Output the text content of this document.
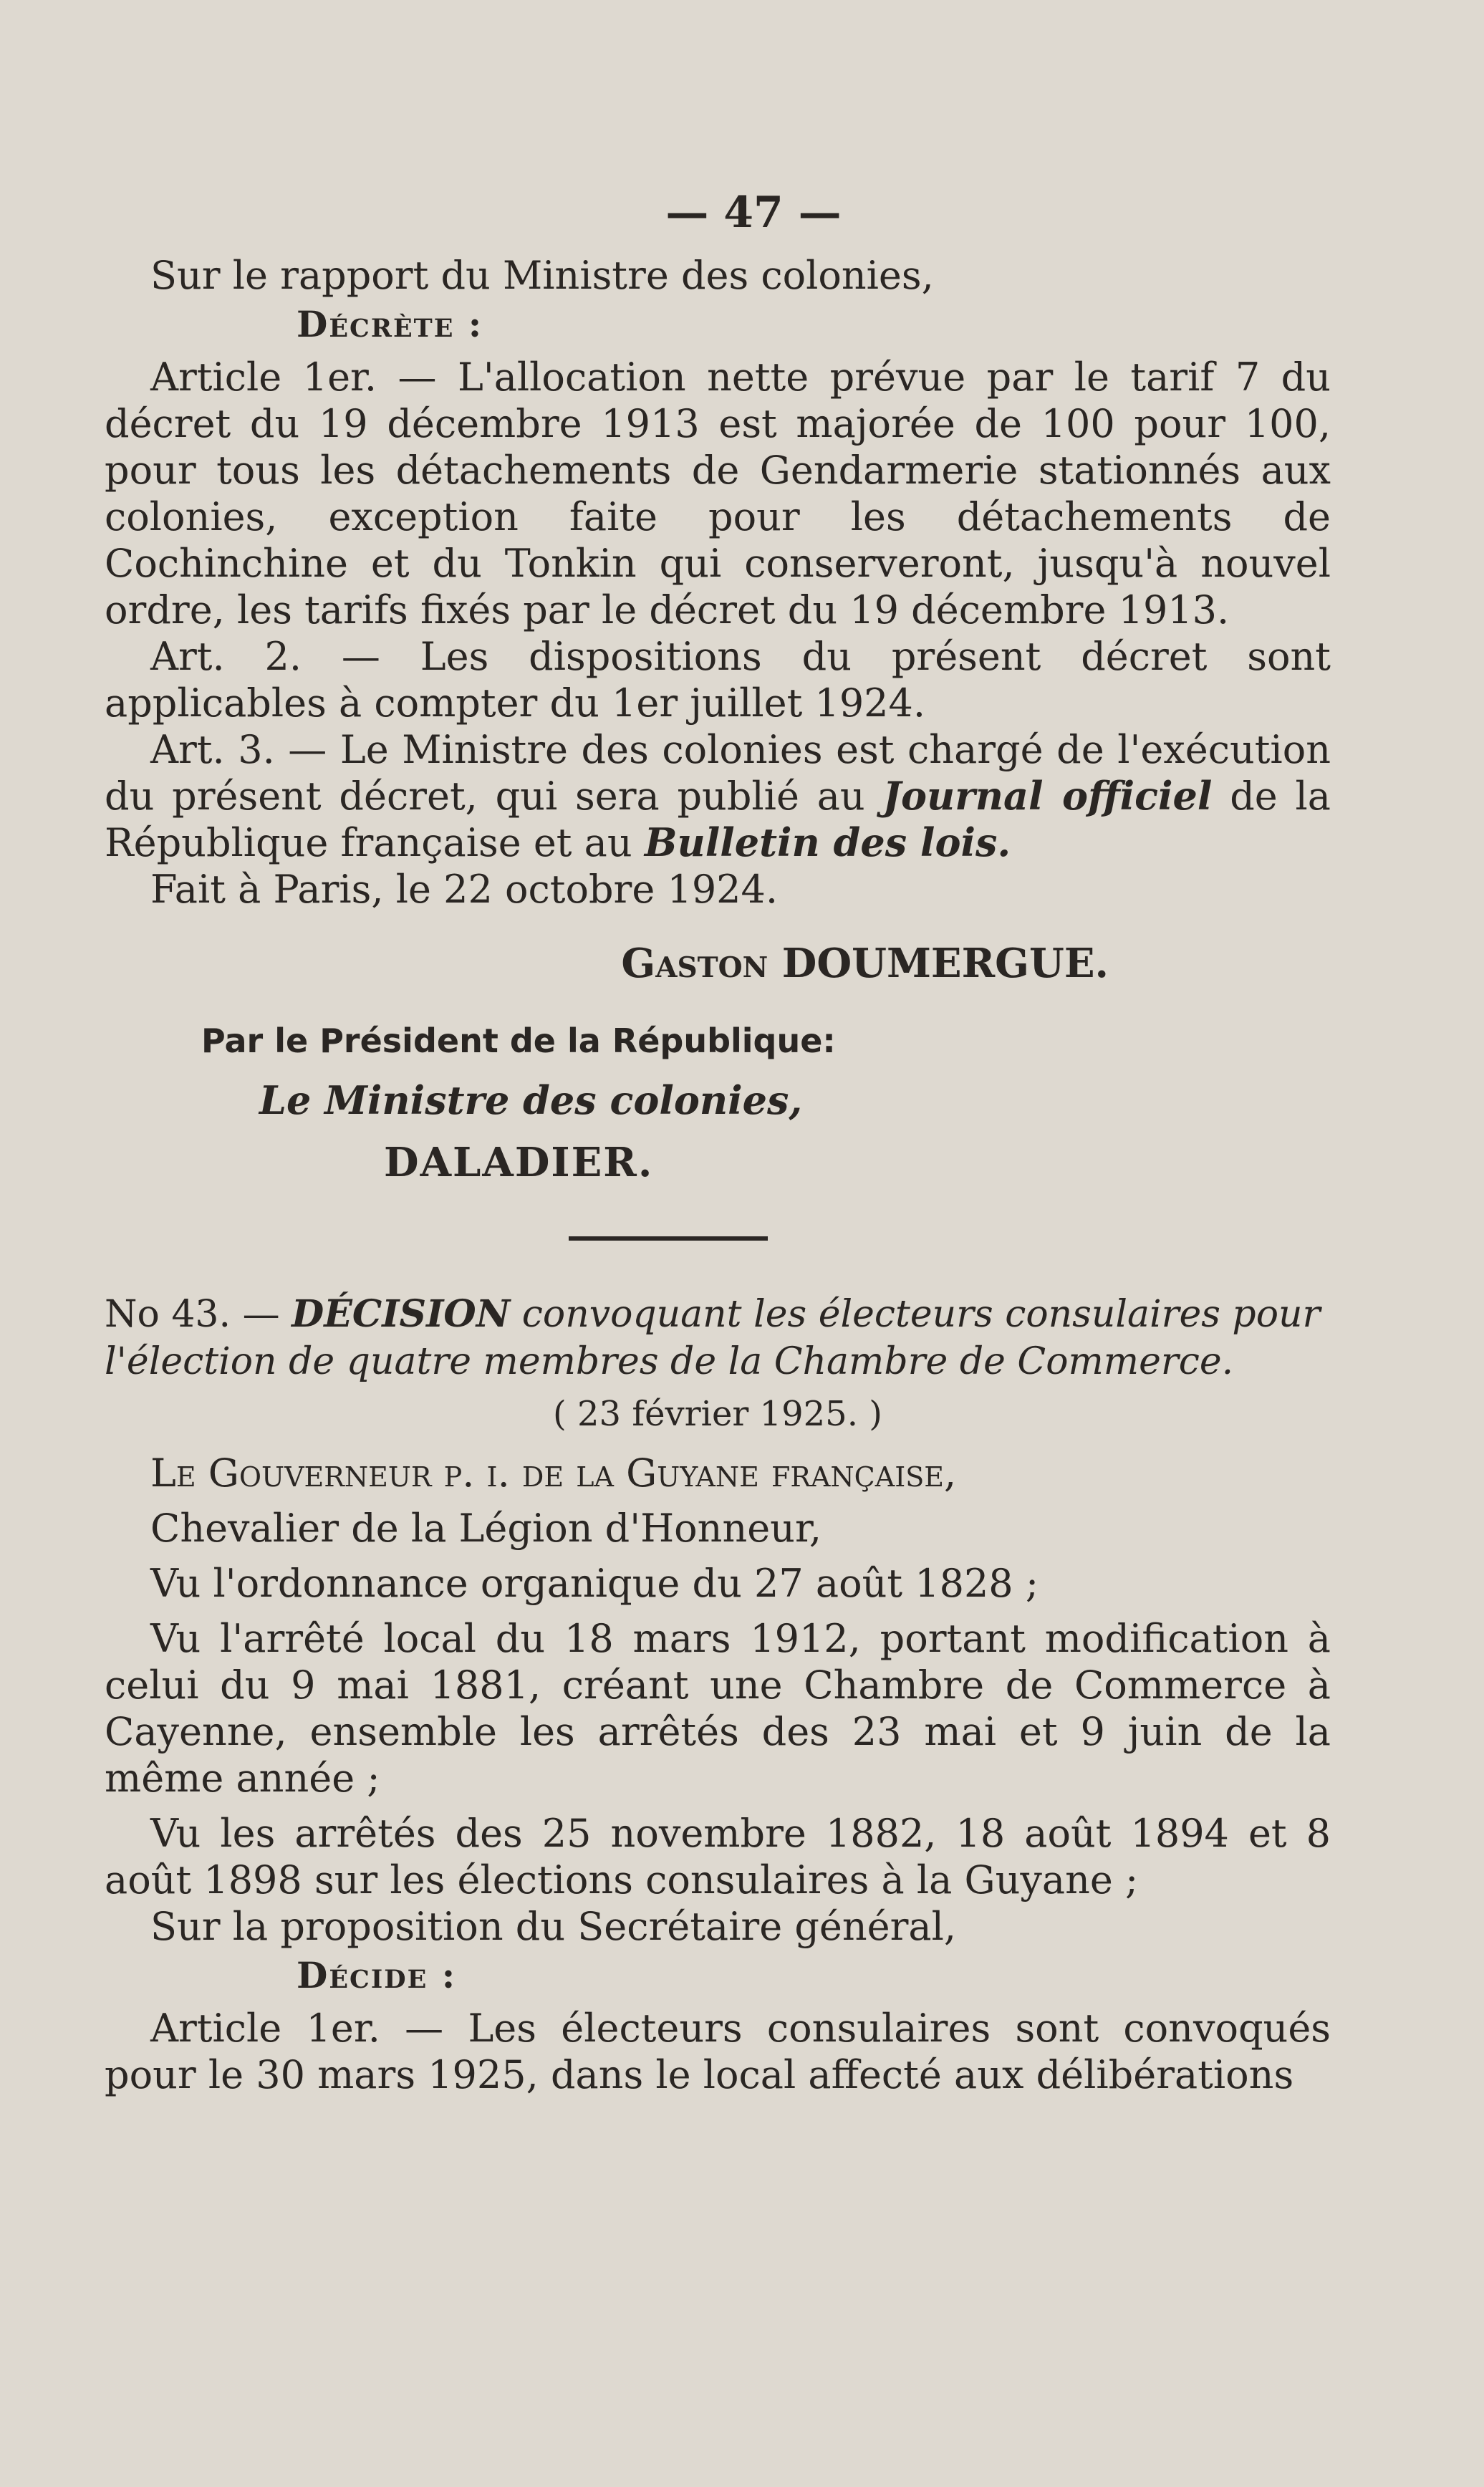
— 47 —

Sur le rapport du Ministre des colonies,

Décrète :

Article 1er. — L'allocation nette prévue par le tarif 7 du décret du 19 décembre 1913 est majorée de 100 pour 100, pour tous les détachements de Gendarmerie stationnés aux colonies, exception faite pour les détachements de Cochinchine et du Tonkin qui conserveront, jusqu'à nouvel ordre, les tarifs fixés par le décret du 19 décembre 1913.

Art. 2. — Les dispositions du présent décret sont applicables à compter du 1er juillet 1924.

Art. 3. — Le Ministre des colonies est chargé de l'exécution du présent décret, qui sera publié au Journal officiel de la République française et au Bulletin des lois.

Fait à Paris, le 22 octobre 1924.

Gaston DOUMERGUE.
Par le Président de la République:
Le Ministre des colonies,
DALADIER.

No 43. — DÉCISION convoquant les électeurs consulaires pour l'élection de quatre membres de la Chambre de Commerce.

( 23 février 1925. )

Le Gouverneur p. i. de la Guyane française,

Chevalier de la Légion d'Honneur,

Vu l'ordonnance organique du 27 août 1828 ;

Vu l'arrêté local du 18 mars 1912, portant modification à celui du 9 mai 1881, créant une Chambre de Commerce à Cayenne, ensemble les arrêtés des 23 mai et 9 juin de la même année ;

Vu les arrêtés des 25 novembre 1882, 18 août 1894 et 8 août 1898 sur les élections consulaires à la Guyane ;

Sur la proposition du Secrétaire général,

Décide :

Article 1er. — Les électeurs consulaires sont convoqués pour le 30 mars 1925, dans le local affecté aux délibérations
